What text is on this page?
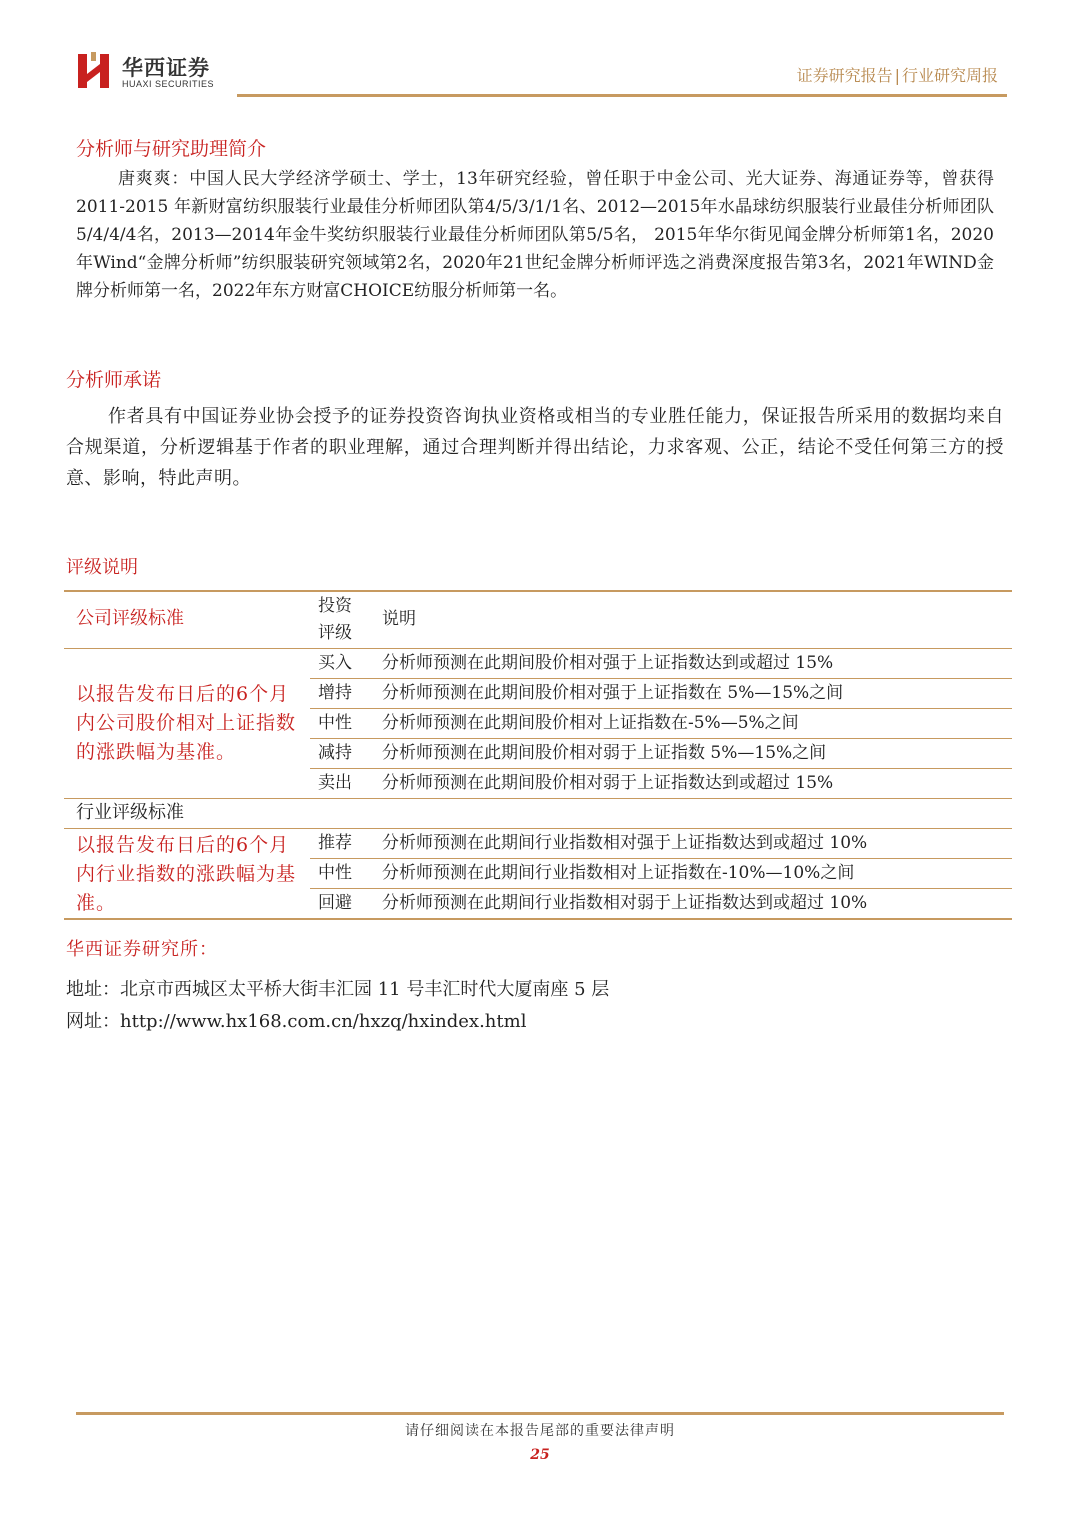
华西证券
HUAXI SECURITIES	证券研究报告 | 行业研究周报
分析师与研究助理简介
唐爽爽：中国人民大学经济学硕士、学士，13年研究经验，曾任职于中金公司、光大证券、海通证券等，曾获得 2011-2015 年新财富纺织服装行业最佳分析师团队第4/5/3/1/1名、2012—2015年水晶球纺织服装行业最佳分析师团队5/4/4/4名，2013—2014年金牛奖纺织服装行业最佳分析师团队第5/5名， 2015年华尔街见闻金牌分析师第1名，2020年Wind“金牌分析师”纺织服装研究领域第2名，2020年21世纪金牌分析师评选之消费深度报告第3名，2021年WIND金牌分析师第一名，2022年东方财富CHOICE纺服分析师第一名。
分析师承诺
作者具有中国证券业协会授予的证券投资咨询执业资格或相当的专业胜任能力，保证报告所采用的数据均来自合规渠道，分析逻辑基于作者的职业理解，通过合理判断并得出结论，力求客观、公正，结论不受任何第三方的授意、影响，特此声明。
评级说明
公司评级标准
投资
评级
说明
以报告发布日后的6个月内公司股价相对上证指数的涨跌幅为基准。
买入 分析师预测在此期间股价相对强于上证指数达到或超过 15%
增持 分析师预测在此期间股价相对强于上证指数在 5%—15%之间
中性 分析师预测在此期间股价相对上证指数在-5%—5%之间
减持 分析师预测在此期间股价相对弱于上证指数 5%—15%之间
卖出 分析师预测在此期间股价相对弱于上证指数达到或超过 15%
行业评级标准
以报告发布日后的6个月内行业指数的涨跌幅为基准。
推荐 分析师预测在此期间行业指数相对强于上证指数达到或超过 10%
中性 分析师预测在此期间行业指数相对上证指数在-10%—10%之间
回避 分析师预测在此期间行业指数相对弱于上证指数达到或超过 10%
华西证券研究所：
地址：北京市西城区太平桥大街丰汇园 11 号丰汇时代大厦南座 5 层
网址：http://www.hx168.com.cn/hxzq/hxindex.html
请仔细阅读在本报告尾部的重要法律声明
25
